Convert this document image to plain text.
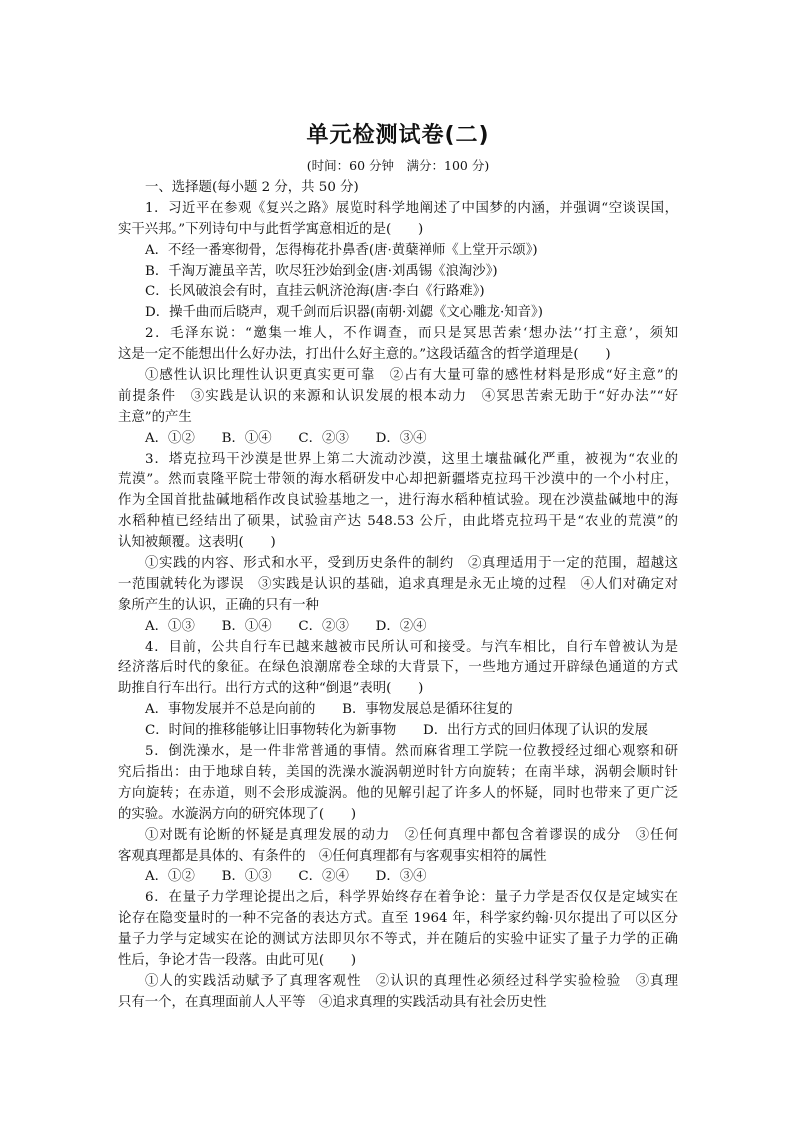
单元检测试卷(二)
(时间：60 分钟　满分：100 分)
一、选择题(每小题 2 分，共 50 分)
1．习近平在参观《复兴之路》展览时科学地阐述了中国梦的内涵，并强调“空谈误国，
实干兴邦。”下列诗句中与此哲学寓意相近的是(　　)
A．不经一番寒彻骨，怎得梅花扑鼻香(唐·黄蘖禅师《上堂开示颂》)
B．千淘万漉虽辛苦，吹尽狂沙始到金(唐·刘禹锡《浪淘沙》)
C．长风破浪会有时，直挂云帆济沧海(唐·李白《行路难》)
D．操千曲而后晓声，观千剑而后识器(南朝·刘勰《文心雕龙·知音》)
2．毛泽东说：“邀集一堆人，不作调查，而只是冥思苦索‘想办法’‘打主意’，须知
这是一定不能想出什么好办法，打出什么好主意的。”这段话蕴含的哲学道理是(　　)
①感性认识比理性认识更真实更可靠　②占有大量可靠的感性材料是形成“好主意”的
前提条件　③实践是认识的来源和认识发展的根本动力　④冥思苦索无助于“好办法”“好
主意”的产生
A．①②　　B．①④　　C．②③　　D．③④
3．塔克拉玛干沙漠是世界上第二大流动沙漠，这里土壤盐碱化严重，被视为“农业的
荒漠”。然而袁隆平院士带领的海水稻研发中心却把新疆塔克拉玛干沙漠中的一个小村庄，
作为全国首批盐碱地稻作改良试验基地之一，进行海水稻种植试验。现在沙漠盐碱地中的海
水稻种植已经结出了硕果，试验亩产达 548.53 公斤，由此塔克拉玛干是“农业的荒漠”的
认知被颠覆。这表明(　　)
①实践的内容、形式和水平，受到历史条件的制约　②真理适用于一定的范围，超越这
一范围就转化为谬误　③实践是认识的基础，追求真理是永无止境的过程　④人们对确定对
象所产生的认识，正确的只有一种
A．①③　　B．①④　　C．②③　　D．②④
4．目前，公共自行车已越来越被市民所认可和接受。与汽车相比，自行车曾被认为是
经济落后时代的象征。在绿色浪潮席卷全球的大背景下，一些地方通过开辟绿色通道的方式
助推自行车出行。出行方式的这种“倒退”表明(　　)
A．事物发展并不总是向前的　　B．事物发展总是循环往复的
C．时间的推移能够让旧事物转化为新事物　　D．出行方式的回归体现了认识的发展
5．倒洗澡水，是一件非常普通的事情。然而麻省理工学院一位教授经过细心观察和研
究后指出：由于地球自转，美国的洗澡水漩涡朝逆时针方向旋转；在南半球，涡朝会顺时针
方向旋转；在赤道，则不会形成漩涡。他的见解引起了许多人的怀疑，同时也带来了更广泛
的实验。水漩涡方向的研究体现了(　　)
①对既有论断的怀疑是真理发展的动力　②任何真理中都包含着谬误的成分　③任何
客观真理都是具体的、有条件的　④任何真理都有与客观事实相符的属性
A．①②　　B．①③　　C．②④　　D．③④
6．在量子力学理论提出之后，科学界始终存在着争论：量子力学是否仅仅是定域实在
论存在隐变量时的一种不完备的表达方式。直至 1964 年，科学家约翰·贝尔提出了可以区分
量子力学与定域实在论的测试方法即贝尔不等式，并在随后的实验中证实了量子力学的正确
性后，争论才告一段落。由此可见(　　)
①人的实践活动赋予了真理客观性　②认识的真理性必须经过科学实验检验　③真理
只有一个，在真理面前人人平等　④追求真理的实践活动具有社会历史性
